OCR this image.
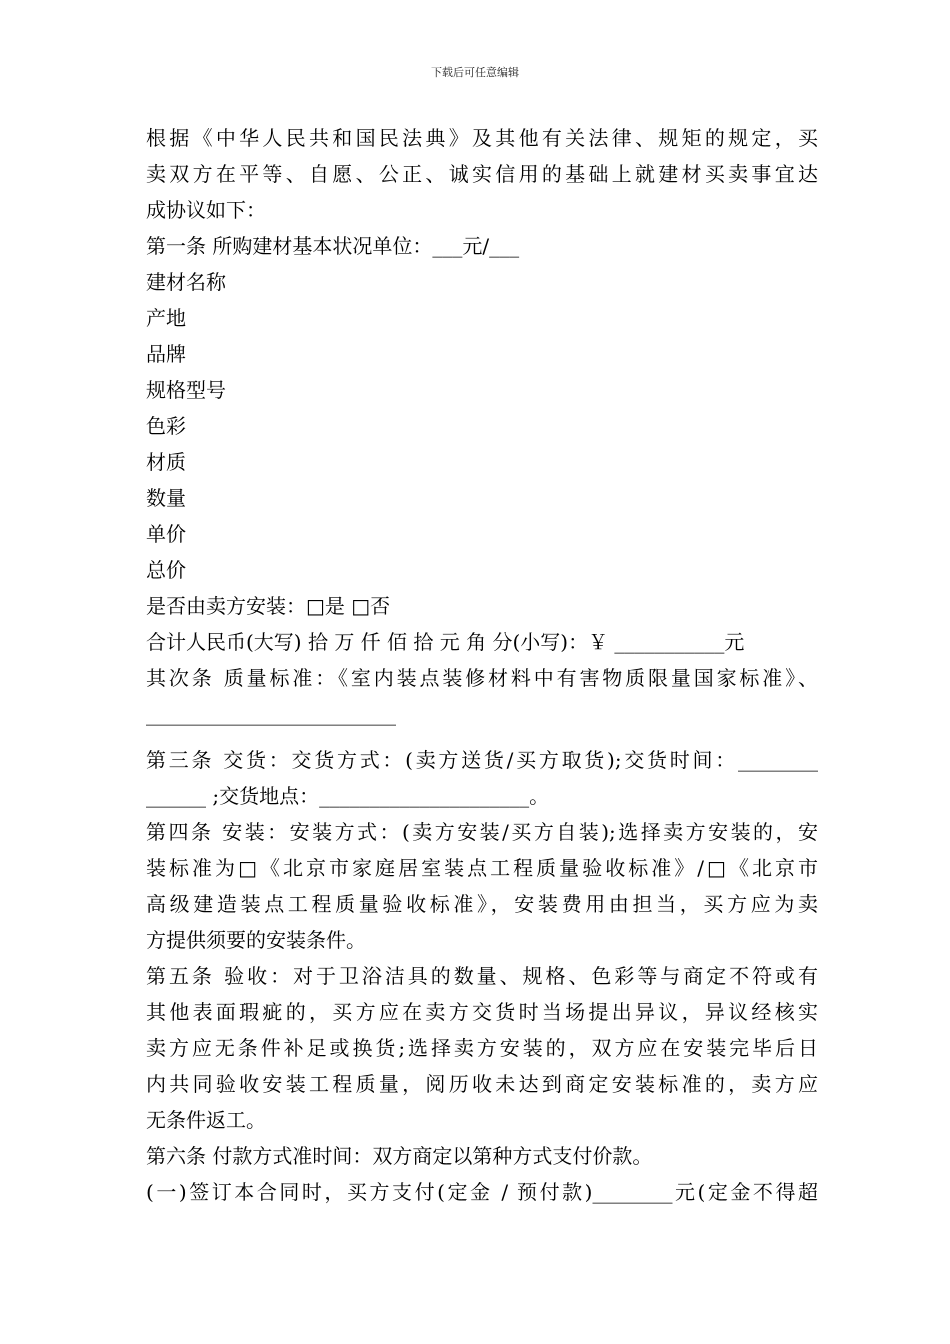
下载后可任意编辑
根据《中华人民共和国民法典》及其他有关法律、规矩的规定，买
卖双方在平等、自愿、公正、诚实信用的基础上就建材买卖事宜达
成协议如下：
第一条 所购建材基本状况单位：___元/___
建材名称
产地
品牌
规格型号
色彩
材质
数量
单价
总价
是否由卖方安装：□是 □否
合计人民币(大写) 拾 万 仟 佰 拾 元 角 分(小写)：￥ ___________元
其次条 质量标准：《室内装点装修材料中有害物质限量国家标准》、
_________________________
第三条 交货：交货方式：(卖方送货/买方取货);交货时间：________
______ ;交货地点：_____________________。
第四条 安装：安装方式：(卖方安装/买方自装);选择卖方安装的，安
装标准为□《北京市家庭居室装点工程质量验收标准》/□《北京市
高级建造装点工程质量验收标准》，安装费用由担当，买方应为卖
方提供须要的安装条件。
第五条 验收：对于卫浴洁具的数量、规格、色彩等与商定不符或有
其他表面瑕疵的，买方应在卖方交货时当场提出异议，异议经核实
卖方应无条件补足或换货;选择卖方安装的，双方应在安装完毕后日
内共同验收安装工程质量，阅历收未达到商定安装标准的，卖方应
无条件返工。
第六条 付款方式准时间：双方商定以第种方式支付价款。
(一)签订本合同时，买方支付(定金 / 预付款)________元(定金不得超
